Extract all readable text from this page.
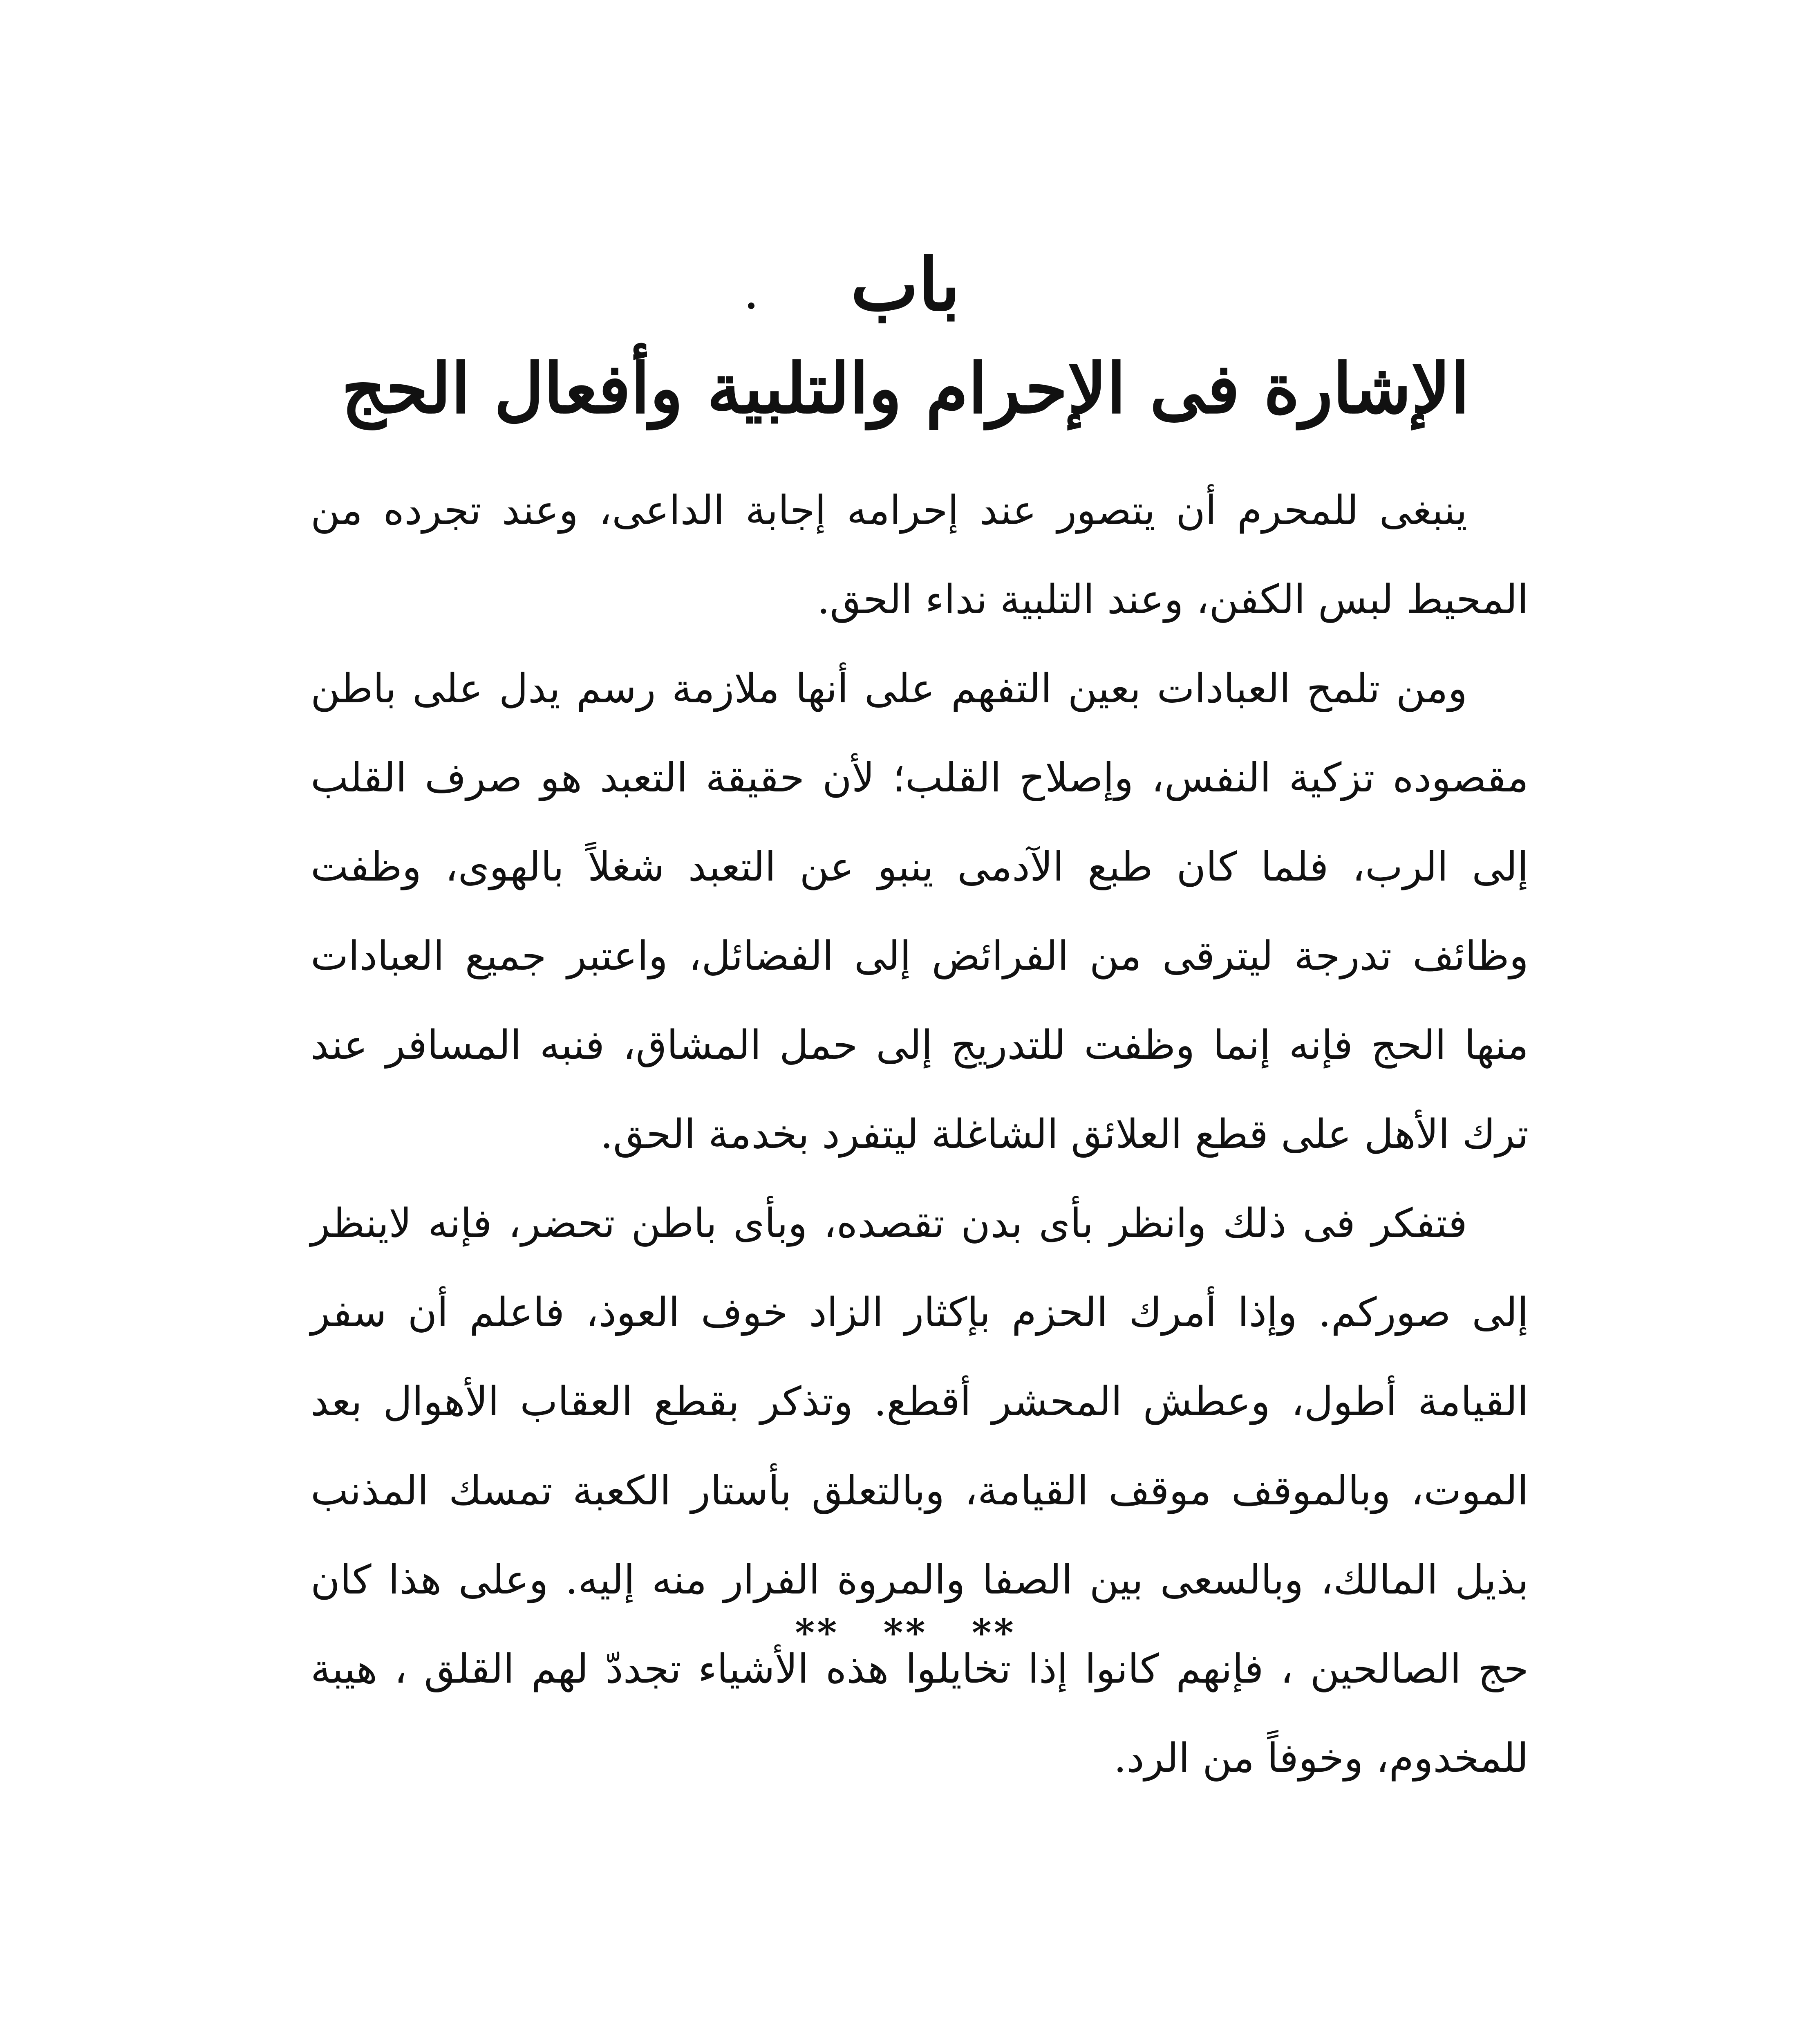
باب
الإشارة فى الإحرام والتلبية وأفعال الحج

ينبغى للمحرم أن يتصور عند إحرامه إجابة الداعى، وعند تجرده من المحيط لبس الكفن، وعند التلبية نداء الحق.

ومن تلمح العبادات بعين التفهم على أنها ملازمة رسم يدل على باطن مقصوده تزكية النفس، وإصلاح القلب؛ لأن حقيقة التعبد هو صرف القلب إلى الرب، فلما كان طبع الآدمى ينبو عن التعبد شغلاً بالهوى، وظفت وظائف تدرجة ليترقى من الفرائض إلى الفضائل، واعتبر جميع العبادات منها الحج فإنه إنما وظفت للتدريج إلى حمل المشاق، فنبه المسافر عند ترك الأهل على قطع العلائق الشاغلة ليتفرد بخدمة الحق.

فتفكر فى ذلك وانظر بأى بدن تقصده، وبأى باطن تحضر، فإنه لاينظر إلى صوركم. وإذا أمرك الحزم بإكثار الزاد خوف العوذ، فاعلم أن سفر القيامة أطول، وعطش المحشر أقطع. وتذكر بقطع العقاب الأهوال بعد الموت، وبالموقف موقف القيامة، وبالتعلق بأستار الكعبة تمسك المذنب بذيل المالك، وبالسعى بين الصفا والمروة الفرار منه إليه. وعلى هذا كان حج الصالحين ، فإنهم كانوا إذا تخايلوا هذه الأشياء تجددّ لهم القلق ، هيبة للمخدوم، وخوفاً من الرد.

** ** **
